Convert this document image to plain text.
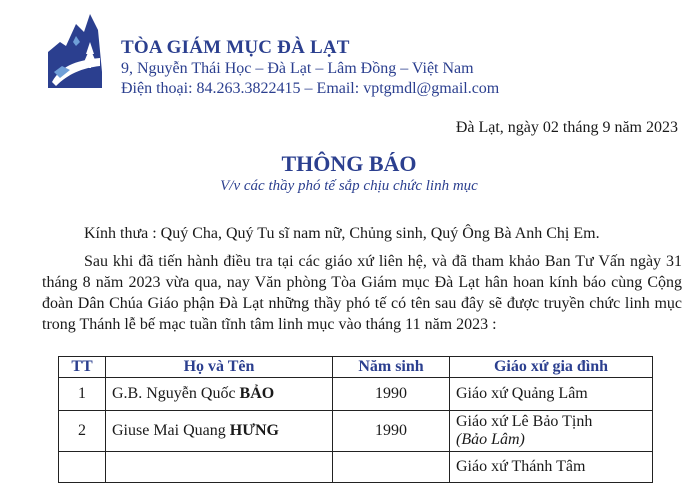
TÒA GIÁM MỤC ĐÀ LẠT
9, Nguyễn Thái Học – Đà Lạt – Lâm Đồng – Việt Nam
Điện thoại: 84.263.3822415 – Email: vptgmdl@gmail.com
Đà Lạt, ngày 02 tháng 9 năm 2023
THÔNG BÁO
V/v các thầy phó tế sắp chịu chức linh mục
Kính thưa : Quý Cha, Quý Tu sĩ nam nữ, Chủng sinh, Quý Ông Bà Anh Chị Em.
Sau khi đã tiến hành điều tra tại các giáo xứ liên hệ, và đã tham khảo Ban Tư Vấn ngày 31 tháng 8 năm 2023 vừa qua, nay Văn phòng Tòa Giám mục Đà Lạt hân hoan kính báo cùng Cộng đoàn Dân Chúa Giáo phận Đà Lạt những thầy phó tế có tên sau đây sẽ được truyền chức linh mục trong Thánh lễ bế mạc tuần tĩnh tâm linh mục vào tháng 11 năm 2023 :
TT	Họ và Tên	Năm sinh	Giáo xứ gia đình
1	G.B. Nguyễn Quốc BẢO	1990	Giáo xứ Quảng Lâm
2	Giuse Mai Quang HƯNG	1990	Giáo xứ Lê Bảo Tịnh
(Bảo Lâm)

			Giáo xứ Thánh Tâm
